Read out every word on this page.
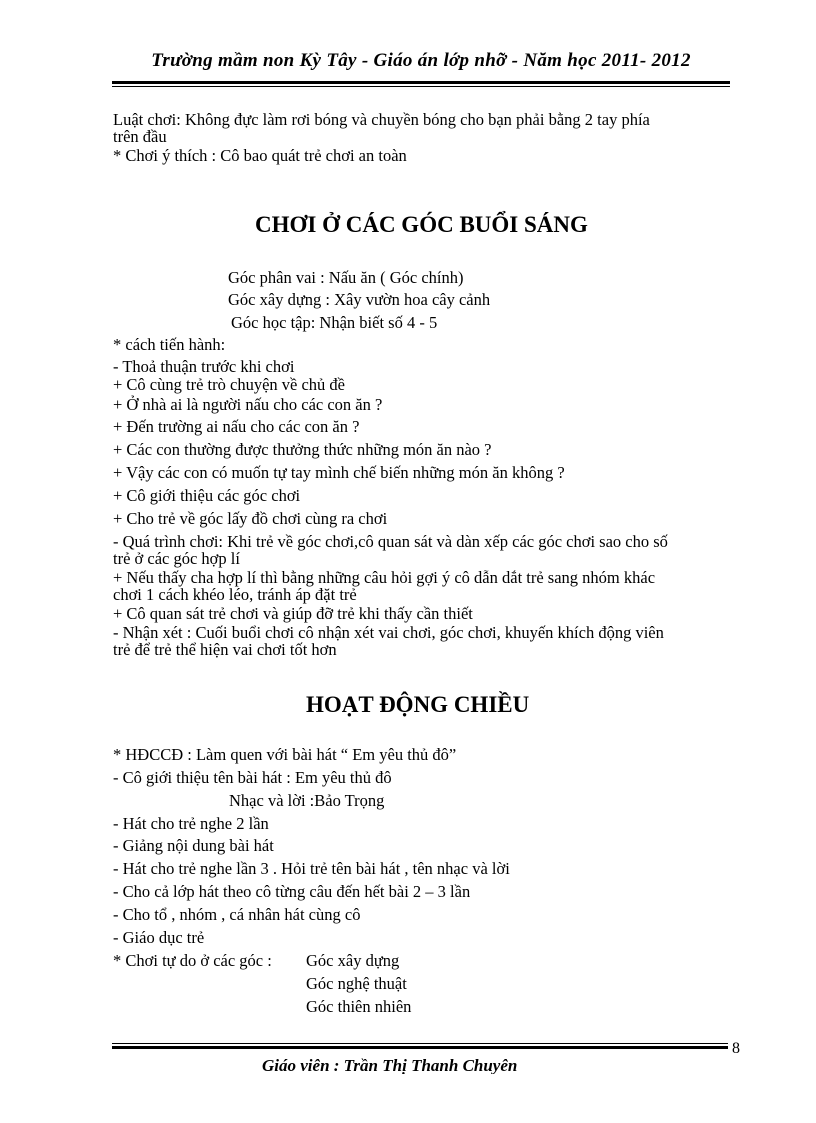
Trường mầm non Kỳ Tây - Giáo án lớp nhỡ - Năm học 2011- 2012
Luật chơi: Không đực làm rơi bóng và chuyền bóng cho bạn phải bằng 2 tay phía
trên đầu
* Chơi ý thích : Cô bao quát trẻ chơi an toàn
CHƠI Ở CÁC GÓC BUỔI SÁNG
Góc phân vai : Nấu ăn ( Góc chính)
Góc xây dựng : Xây vườn hoa cây cảnh
Góc học tập: Nhận biết số 4 - 5
* cách tiến hành:
- Thoả thuận trước khi chơi
+ Cô cùng trẻ trò chuyện về chủ đề
+ Ở nhà ai là người nấu cho các con ăn ?
+ Đến trường ai nấu cho các con ăn ?
+ Các con thường được thưởng thức những món ăn nào ?
+ Vậy các con có muốn tự tay mình chế biến những món ăn không ?
+ Cô giới thiệu các góc chơi
+ Cho trẻ về góc lấy đồ chơi cùng ra chơi
- Quá trình chơi: Khi trẻ về góc chơi,cô quan sát và dàn xếp các góc chơi sao cho số
trẻ ở các góc hợp lí
+ Nếu thấy cha hợp lí thì bằng những câu hỏi gợi ý cô dẫn dắt trẻ sang nhóm khác
chơi 1 cách khéo léo, tránh áp đặt trẻ
+ Cô quan sát trẻ chơi và giúp đỡ trẻ khi thấy cần thiết
- Nhận xét : Cuối buổi chơi cô nhận xét vai chơi, góc chơi, khuyến khích động viên
trẻ để trẻ thể hiện vai chơi tốt hơn
HOẠT ĐỘNG CHIỀU
* HĐCCĐ : Làm quen với bài hát “ Em yêu thủ đô”
- Cô giới thiệu tên bài hát : Em yêu thủ đô
Nhạc và lời :Bảo Trọng
- Hát cho trẻ nghe 2 lần
- Giảng nội dung bài hát
- Hát cho trẻ nghe lần 3 . Hỏi trẻ tên bài hát , tên nhạc và lời
- Cho cả lớp hát theo cô từng câu đến hết bài 2 – 3 lần
- Cho tổ , nhóm , cá nhân hát cùng cô
- Giáo dục trẻ
* Chơi tự do ở các góc : Góc xây dựng
Góc nghệ thuật
Góc thiên nhiên
8
Giáo viên : Trần Thị Thanh Chuyên
